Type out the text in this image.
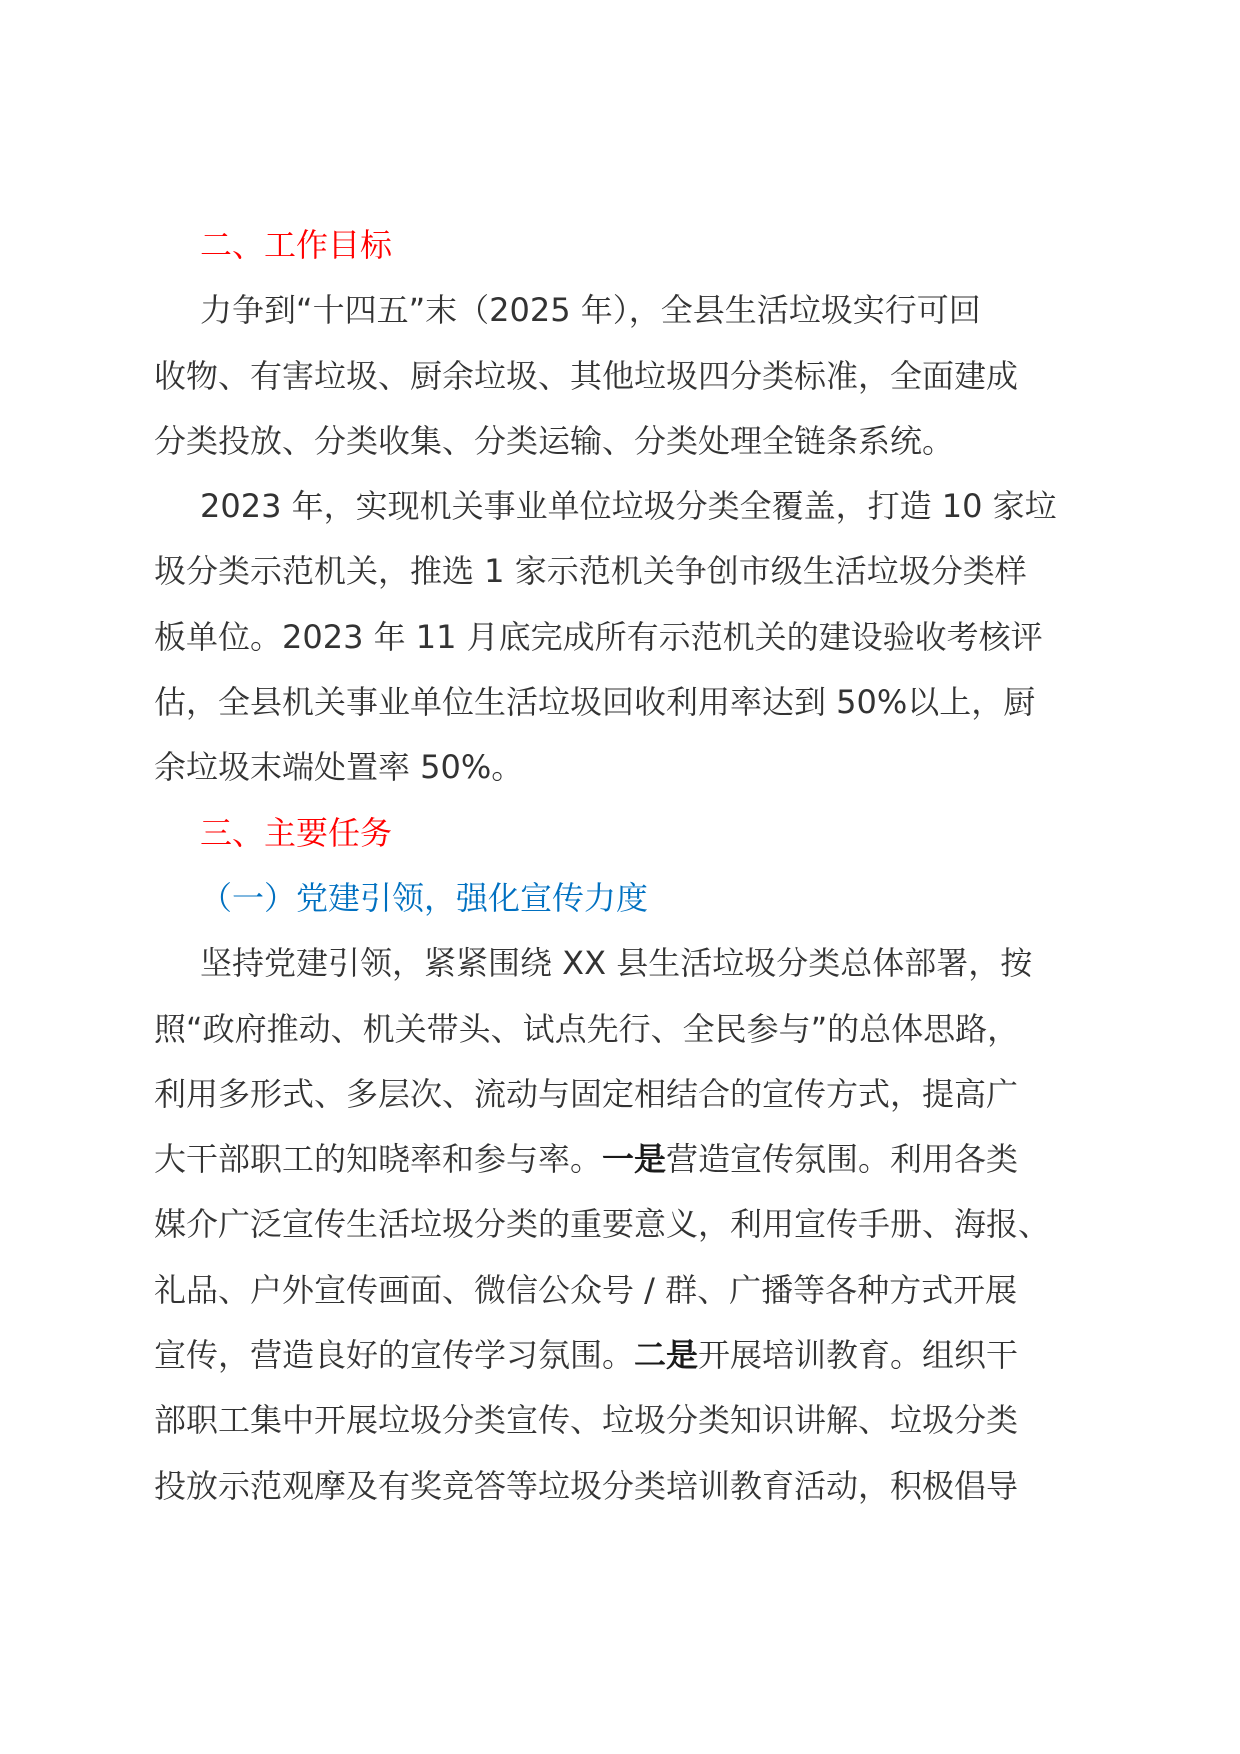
二、工作目标
力争到“十四五”末（2025 年），全县生活垃圾实行可回
收物、有害垃圾、厨余垃圾、其他垃圾四分类标准，全面建成
分类投放、分类收集、分类运输、分类处理全链条系统。
2023 年，实现机关事业单位垃圾分类全覆盖，打造 10 家垃
圾分类示范机关，推选 1 家示范机关争创市级生活垃圾分类样
板单位。2023 年 11 月底完成所有示范机关的建设验收考核评
估，全县机关事业单位生活垃圾回收利用率达到 50%以上，厨
余垃圾末端处置率 50%。
三、主要任务
（一）党建引领，强化宣传力度
坚持党建引领，紧紧围绕 XX 县生活垃圾分类总体部署，按
照“政府推动、机关带头、试点先行、全民参与”的总体思路，
利用多形式、多层次、流动与固定相结合的宣传方式，提高广
大干部职工的知晓率和参与率。一是营造宣传氛围。利用各类
媒介广泛宣传生活垃圾分类的重要意义，利用宣传手册、海报、
礼品、户外宣传画面、微信公众号 / 群、广播等各种方式开展
宣传，营造良好的宣传学习氛围。二是开展培训教育。组织干
部职工集中开展垃圾分类宣传、垃圾分类知识讲解、垃圾分类
投放示范观摩及有奖竞答等垃圾分类培训教育活动，积极倡导
